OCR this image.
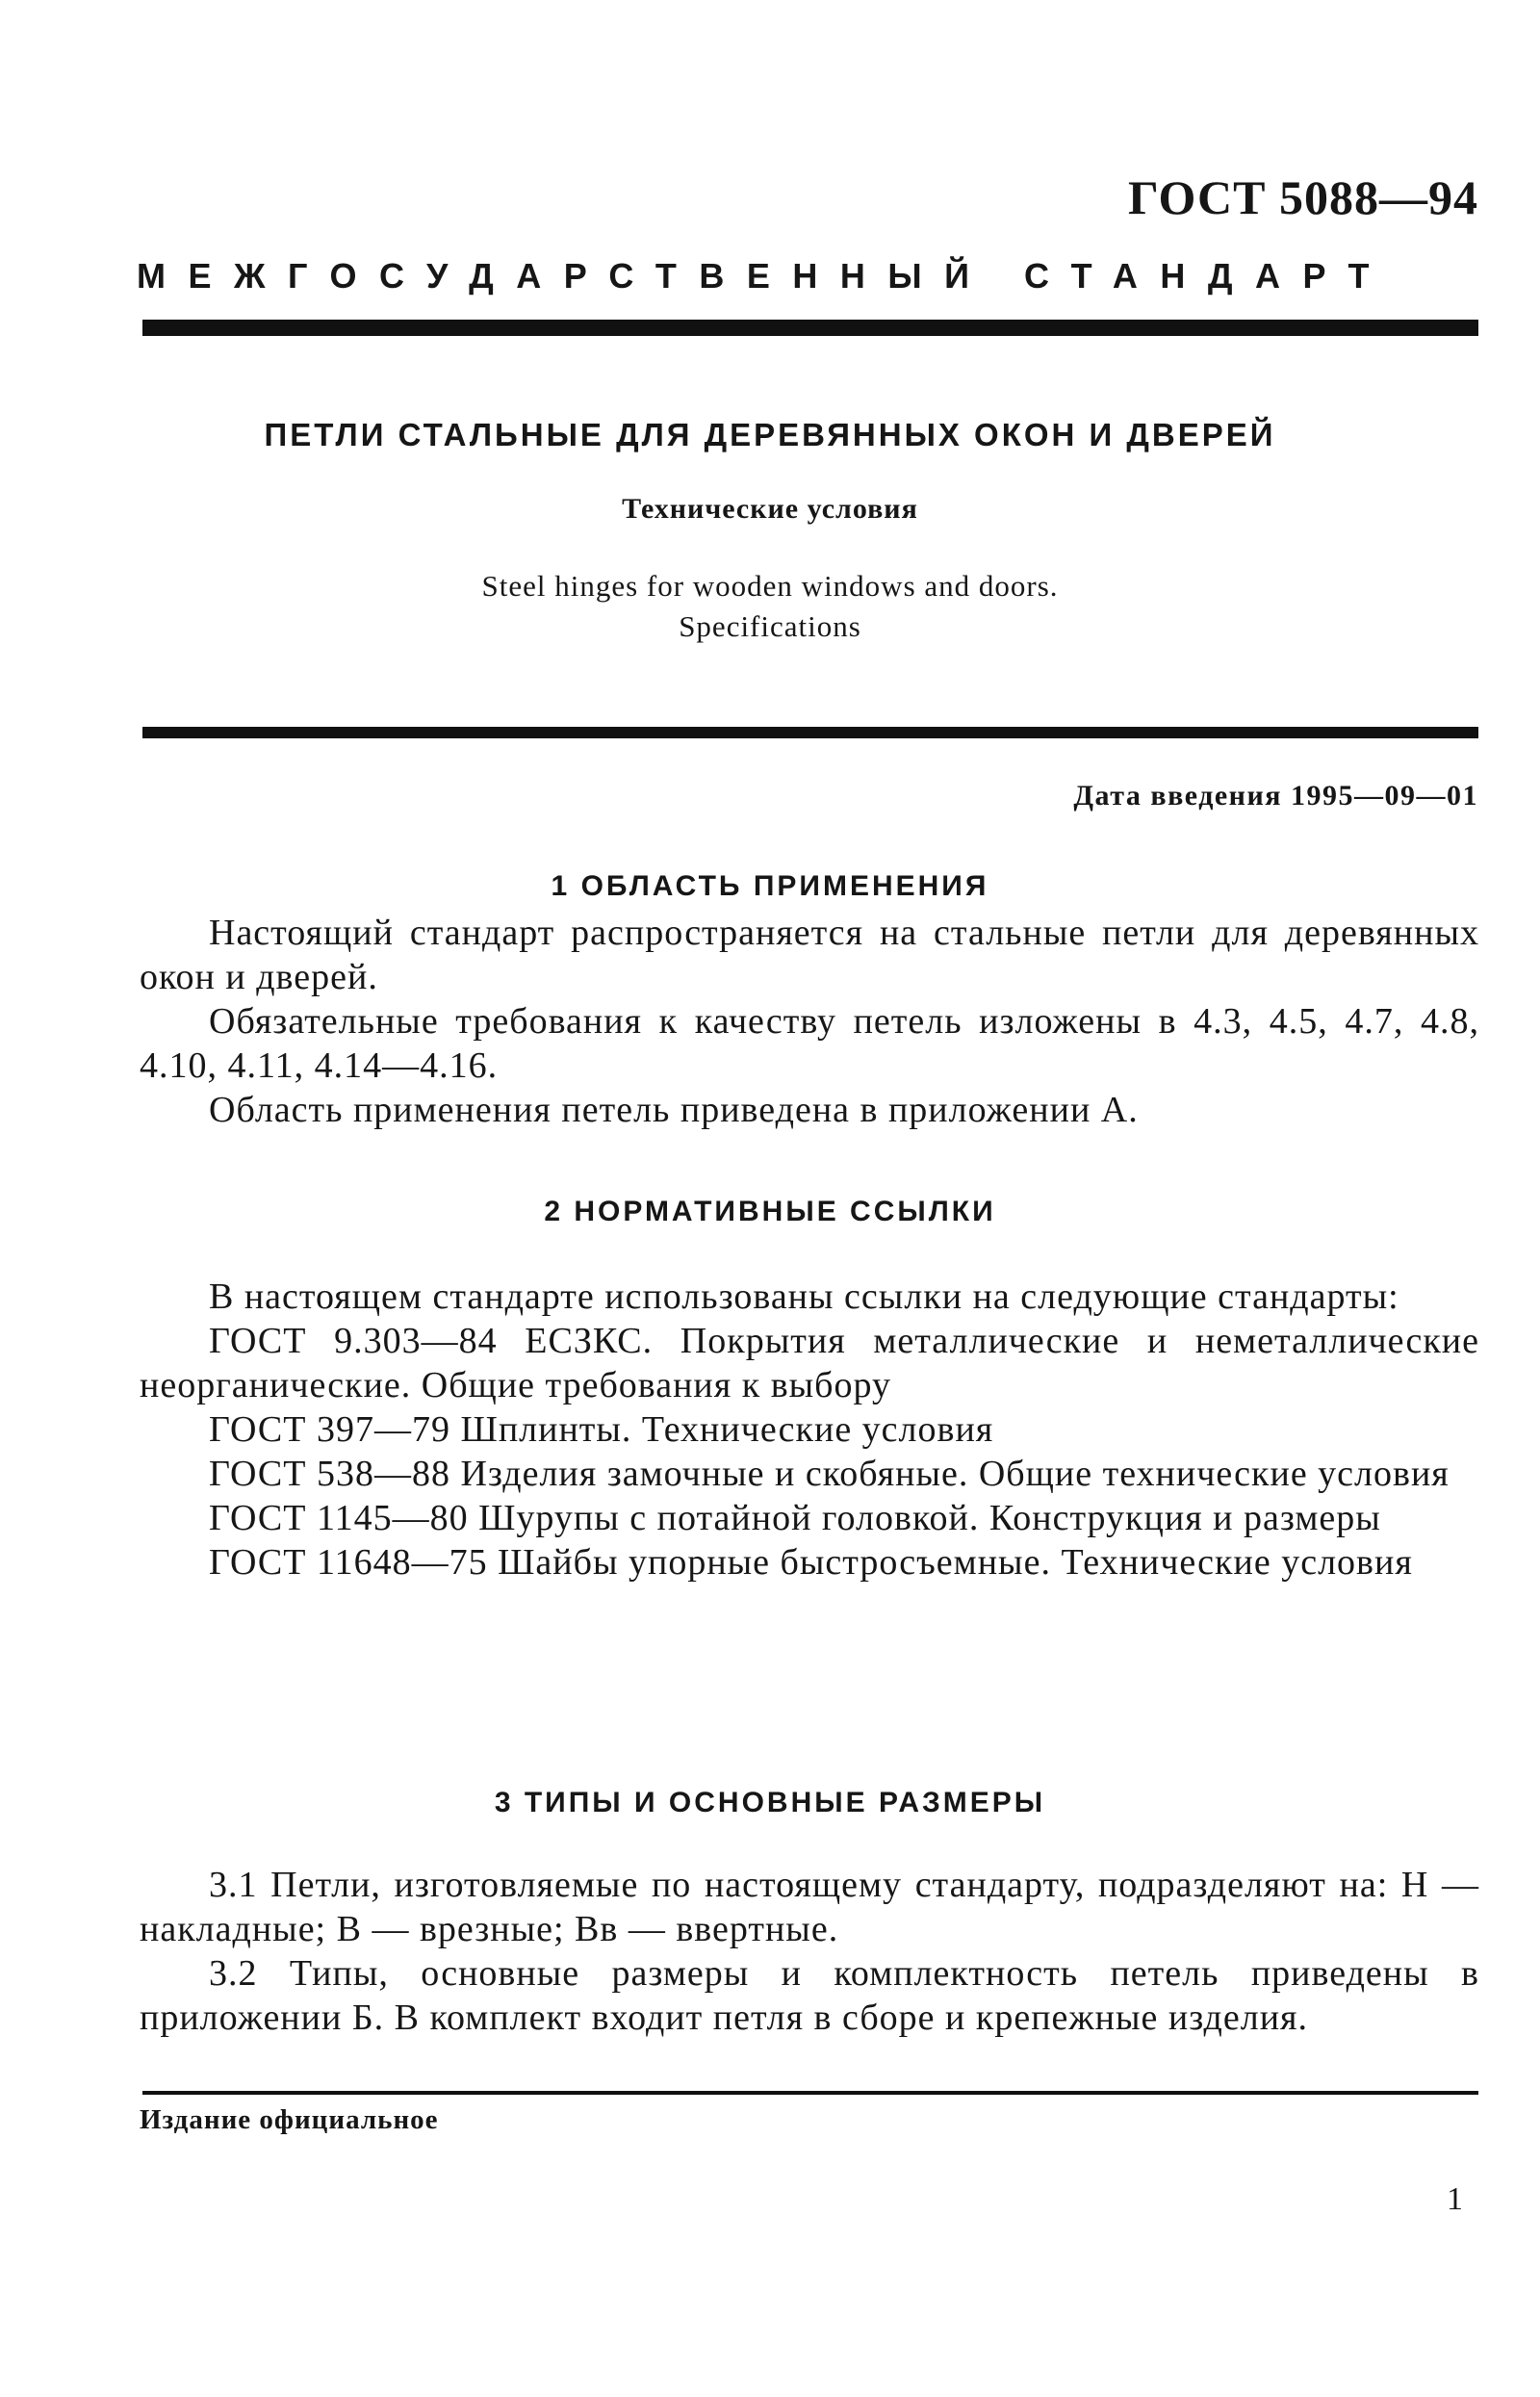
ГОСТ 5088—94
МЕЖГОСУДАРСТВЕННЫЙ СТАНДАРТ
ПЕТЛИ СТАЛЬНЫЕ ДЛЯ ДЕРЕВЯННЫХ ОКОН И ДВЕРЕЙ
Технические условия
Steel hinges for wooden windows and doors.
Specifications
Дата введения 1995—09—01
1 ОБЛАСТЬ ПРИМЕНЕНИЯ

Настоящий стандарт распространяется на стальные петли для деревянных окон и дверей.

Обязательные требования к качеству петель изложены в 4.3, 4.5, 4.7, 4.8, 4.10, 4.11, 4.14—4.16.

Область применения петель приведена в приложении А.

2 НОРМАТИВНЫЕ ССЫЛКИ

В настоящем стандарте использованы ссылки на следующие стандарты:

ГОСТ 9.303—84 ЕСЗКС. Покрытия металлические и неметаллические неорганические. Общие требования к выбору

ГОСТ 397—79 Шплинты. Технические условия

ГОСТ 538—88 Изделия замочные и скобяные. Общие технические условия

ГОСТ 1145—80 Шурупы с потайной головкой. Конструкция и размеры

ГОСТ 11648—75 Шайбы упорные быстросъемные. Технические условия

3 ТИПЫ И ОСНОВНЫЕ РАЗМЕРЫ

3.1 Петли, изготовляемые по настоящему стандарту, подразделяют на: Н — накладные; В — врезные; Вв — ввертные.

3.2 Типы, основные размеры и комплектность петель приведены в приложении Б. В комплект входит петля в сборе и крепежные изделия.

Издание официальное
1
